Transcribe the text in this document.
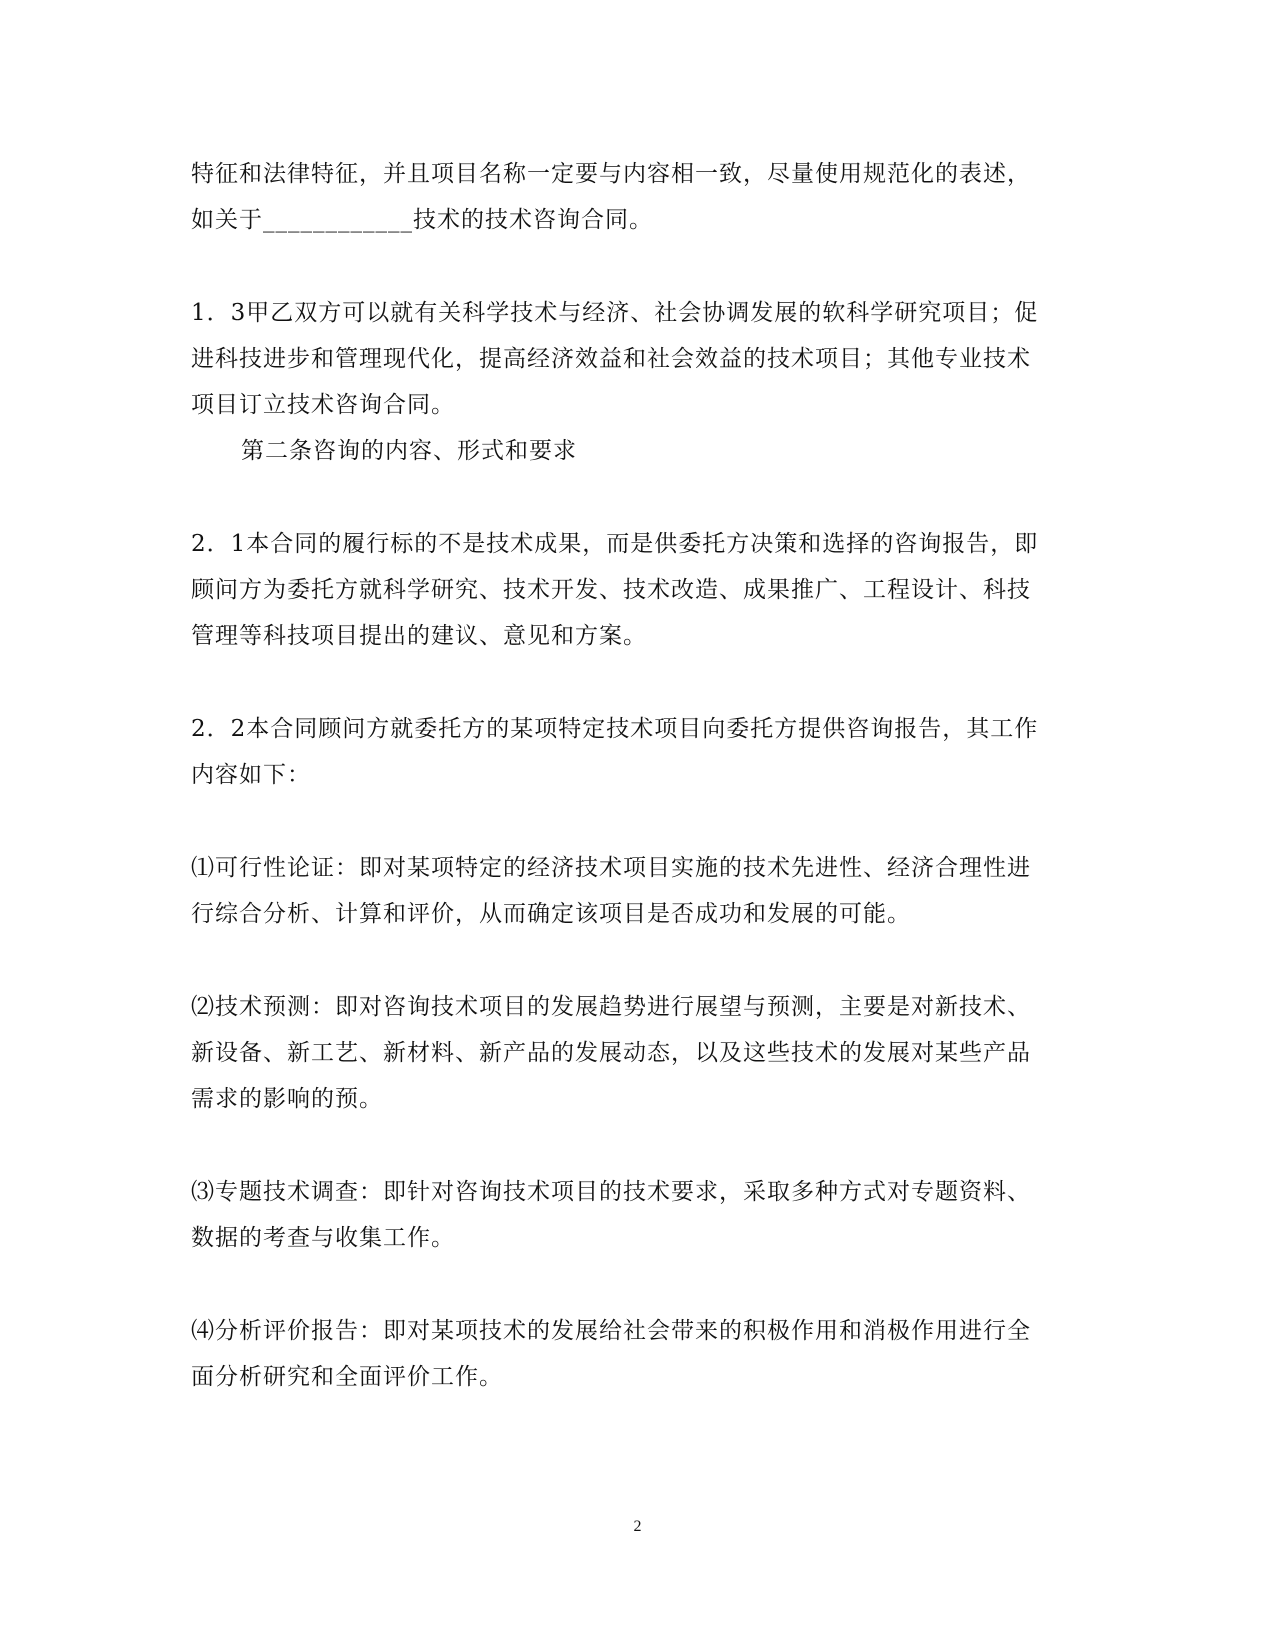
特征和法律特征，并且项目名称一定要与内容相一致，尽量使用规范化的表述，
如关于____________技术的技术咨询合同。
1．3甲乙双方可以就有关科学技术与经济、社会协调发展的软科学研究项目；促
进科技进步和管理现代化，提高经济效益和社会效益的技术项目；其他专业技术
项目订立技术咨询合同。
第二条咨询的内容、形式和要求
2．1本合同的履行标的不是技术成果，而是供委托方决策和选择的咨询报告，即
顾问方为委托方就科学研究、技术开发、技术改造、成果推广、工程设计、科技
管理等科技项目提出的建议、意见和方案。
2．2本合同顾问方就委托方的某项特定技术项目向委托方提供咨询报告，其工作
内容如下：
⑴可行性论证：即对某项特定的经济技术项目实施的技术先进性、经济合理性进
行综合分析、计算和评价，从而确定该项目是否成功和发展的可能。
⑵技术预测：即对咨询技术项目的发展趋势进行展望与预测，主要是对新技术、
新设备、新工艺、新材料、新产品的发展动态，以及这些技术的发展对某些产品
需求的影响的预。
⑶专题技术调查：即针对咨询技术项目的技术要求，采取多种方式对专题资料、
数据的考查与收集工作。
⑷分析评价报告：即对某项技术的发展给社会带来的积极作用和消极作用进行全
面分析研究和全面评价工作。
2
